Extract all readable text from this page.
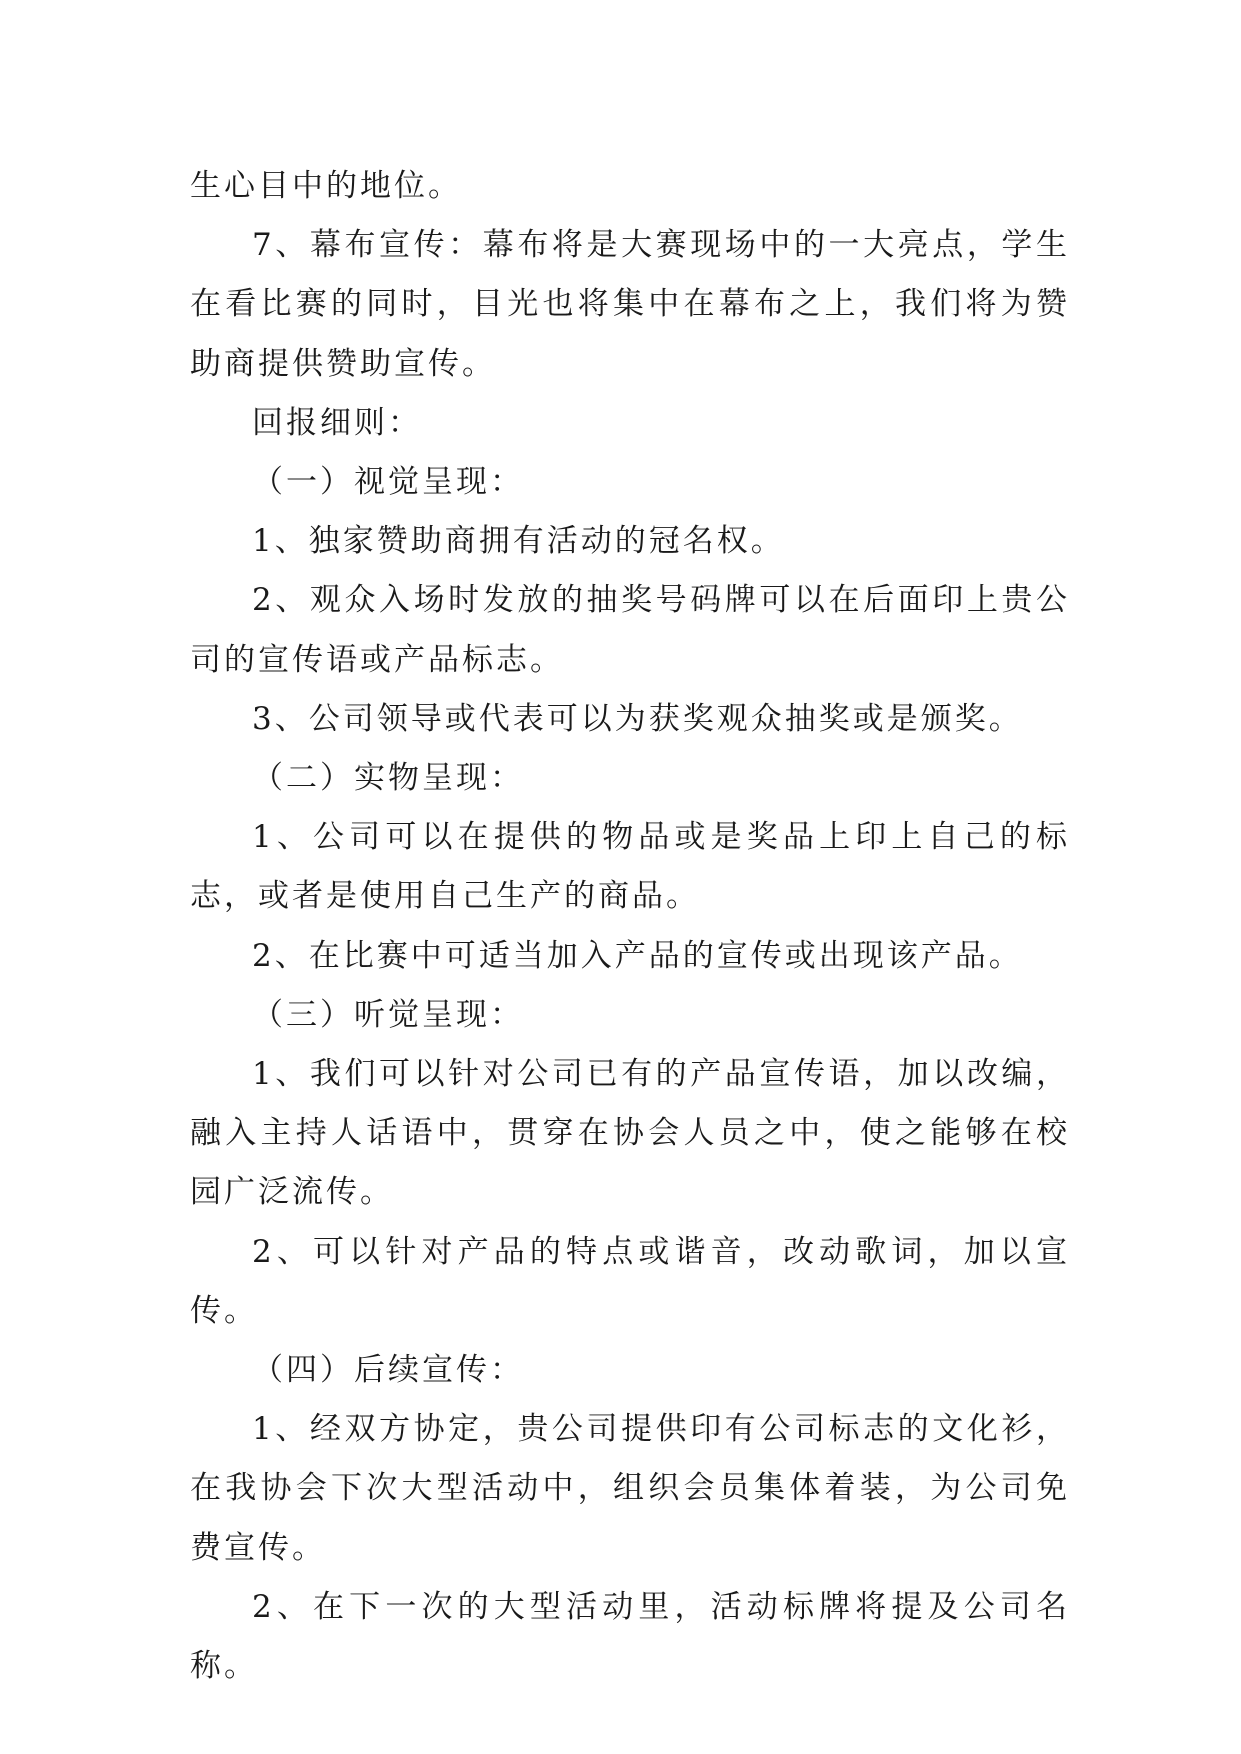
生心目中的地位。

7、幕布宣传：幕布将是大赛现场中的一大亮点，学生在看比赛的同时，目光也将集中在幕布之上，我们将为赞助商提供赞助宣传。

回报细则：

（一）视觉呈现：

1、独家赞助商拥有活动的冠名权。

2、观众入场时发放的抽奖号码牌可以在后面印上贵公司的宣传语或产品标志。

3、公司领导或代表可以为获奖观众抽奖或是颁奖。

（二）实物呈现：

1、公司可以在提供的物品或是奖品上印上自己的标志，或者是使用自己生产的商品。

2、在比赛中可适当加入产品的宣传或出现该产品。

（三）听觉呈现：

1、我们可以针对公司已有的产品宣传语，加以改编，融入主持人话语中，贯穿在协会人员之中，使之能够在校园广泛流传。

2、可以针对产品的特点或谐音，改动歌词，加以宣传。

（四）后续宣传：

1、经双方协定，贵公司提供印有公司标志的文化衫，在我协会下次大型活动中，组织会员集体着装，为公司免费宣传。

2、在下一次的大型活动里，活动标牌将提及公司名称。
